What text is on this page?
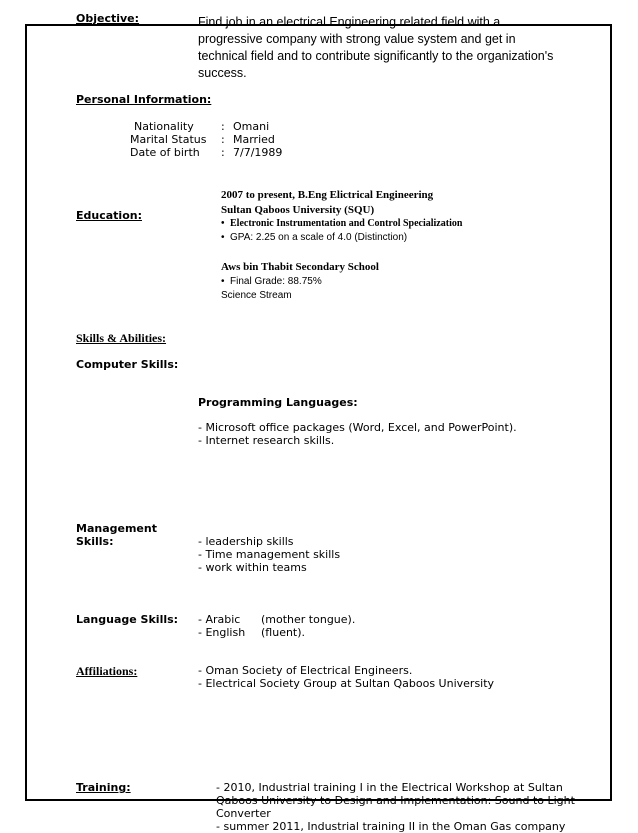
Objective:	Find job in an electrical Engineering related field with a
progressive company with strong value system and get in
technical field and to contribute significantly to the organization's
success.
Personal Information:
Nationality : Omani
Marital Status : Married
Date of birth : 7/7/1989
Education:
2007 to present, B.Eng Elictrical Engineering
Sultan Qaboos University (SQU)
• Electronic Instrumentation and Control Specialization
• GPA: 2.25 on a scale of 4.0 (Distinction)
Aws bin Thabit Secondary School
• Final Grade: 88.75%
Science Stream
Skills & Abilities:
Computer Skills:
Programming Languages:
- Microsoft office packages (Word, Excel, and PowerPoint).
- Internet research skills.
Management
Skills:	- leadership skills
- Time management skills
- work within teams
Language Skills: - Arabic (mother tongue).
- English (fluent).
Affiliations:	- Oman Society of Electrical Engineers.
- Electrical Society Group at Sultan Qaboos University
Training:	- 2010, Industrial training I in the Electrical Workshop at Sultan
Qaboos University to Design and Implementation: Sound to Light
Converter
- summer 2011, Industrial training II in the Oman Gas company
